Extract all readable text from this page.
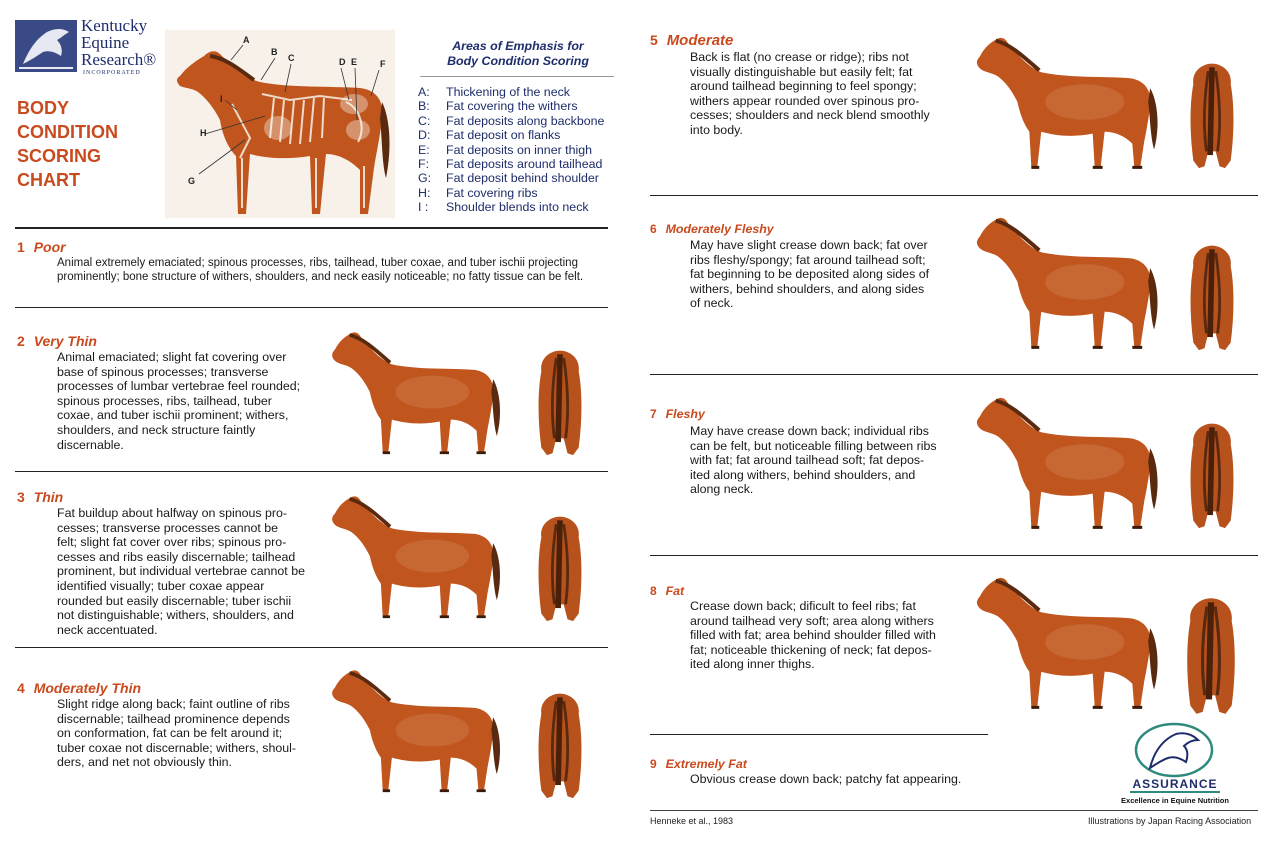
Kentucky
Equine
Research®
INCORPORATED
BODY
CONDITION
SCORING
CHART
A
B
C	D E	F
G
H
I
Areas of Emphasis for
Body Condition Scoring
A: Thickening of the neck
B: Fat covering the withers
C: Fat deposits along backbone
D: Fat deposit on flanks
E: Fat deposits on inner thigh
F: Fat deposits around tailhead
G: Fat deposit behind shoulder
H: Fat covering ribs
I : Shoulder blends into neck
1 Poor
Animal extremely emaciated; spinous processes, ribs, tailhead, tuber coxae, and tuber ischii projecting
prominently; bone structure of withers, shoulders, and neck easily noticeable; no fatty tissue can be felt.
2 Very Thin
Animal emaciated; slight fat covering over
base of spinous processes; transverse
processes of lumbar vertebrae feel rounded;
spinous processes, ribs, tailhead, tuber
coxae, and tuber ischii prominent; withers,
shoulders, and neck structure faintly
discernable.
3 Thin
Fat buildup about halfway on spinous pro-
cesses; transverse processes cannot be
felt; slight fat cover over ribs; spinous pro-
cesses and ribs easily discernable; tailhead
prominent, but individual vertebrae cannot be
identified visually; tuber coxae appear
rounded but easily discernable; tuber ischii
not distinguishable; withers, shoulders, and
neck accentuated.
4 Moderately Thin
Slight ridge along back; faint outline of ribs
discernable; tailhead prominence depends
on conformation, fat can be felt around it;
tuber coxae not discernable; withers, shoul-
ders, and net not obviously thin.
5 Moderate
Back is flat (no crease or ridge); ribs not
visually distinguishable but easily felt; fat
around tailhead beginning to feel spongy;
withers appear rounded over spinous pro-
cesses; shoulders and neck blend smoothly
into body.
6 Moderately Fleshy
May have slight crease down back; fat over
ribs fleshy/spongy; fat around tailhead soft;
fat beginning to be deposited along sides of
withers, behind shoulders, and along sides
of neck.
7 Fleshy
May have crease down back; individual ribs
can be felt, but noticeable filling between ribs
with fat; fat around tailhead soft; fat depos-
ited along withers, behind shoulders, and
along neck.
8 Fat
Crease down back; dificult to feel ribs; fat
around tailhead very soft; area along withers
filled with fat; area behind shoulder filled with
fat; noticeable thickening of neck; fat depos-
ited along inner thighs.
9 Extremely Fat
Obvious crease down back; patchy fat appearing.	ASSURANCE
Excellence in Equine Nutrition
Henneke et al., 1983	Illustrations by Japan Racing Association
